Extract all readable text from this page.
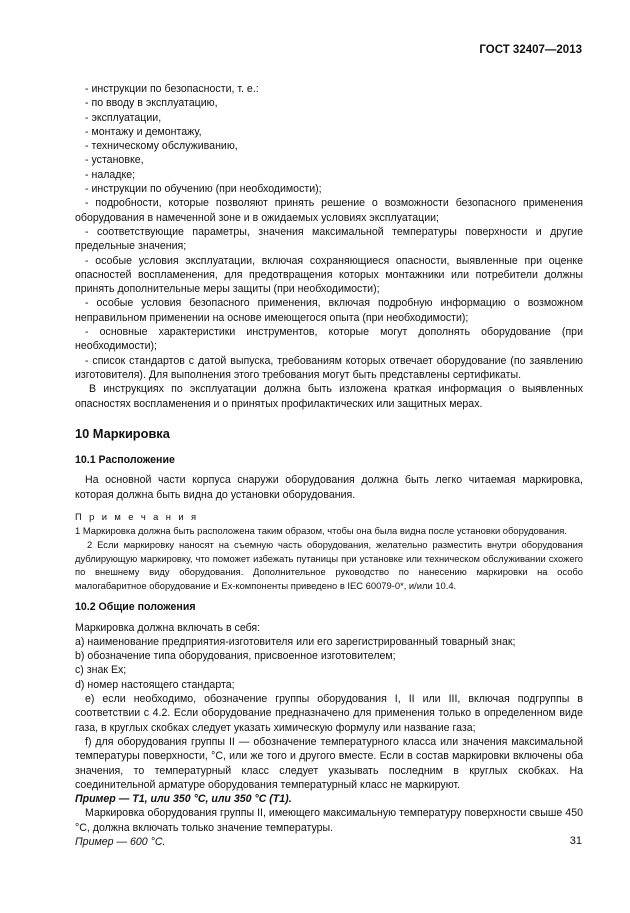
ГОСТ 32407—2013

- инструкции по безопасности, т. е.:

- по вводу в эксплуатацию,

- эксплуатации,

- монтажу и демонтажу,

- техническому обслуживанию,

- установке,

- наладке;

- инструкции по обучению (при необходимости);

- подробности, которые позволяют принять решение о возможности безопасного применения оборудования в намеченной зоне и в ожидаемых условиях эксплуатации;

- соответствующие параметры, значения максимальной температуры поверхности и другие предельные значения;

- особые условия эксплуатации, включая сохраняющиеся опасности, выявленные при оценке опасностей воспламенения, для предотвращения которых монтажники или потребители должны принять дополнительные меры защиты (при необходимости);

- особые условия безопасного применения, включая подробную информацию о возможном неправильном применении на основе имеющегося опыта (при необходимости);

- основные характеристики инструментов, которые могут дополнять оборудование (при необходимости);

- список стандартов с датой выпуска, требованиям которых отвечает оборудование (по заявлению изготовителя). Для выполнения этого требования могут быть представлены сертификаты.

В инструкциях по эксплуатации должна быть изложена краткая информация о выявленных опасностях воспламенения и о принятых профилактических или защитных мерах.

10 Маркировка

10.1 Расположение

На основной части корпуса снаружи оборудования должна быть легко читаемая маркировка, которая должна быть видна до установки оборудования.

П р и м е ч а н и я

1 Маркировка должна быть расположена таким образом, чтобы она была видна после установки оборудования.

2 Если маркировку наносят на съемную часть оборудования, желательно разместить внутри оборудования дублирующую маркировку, что поможет избежать путаницы при установке или техническом обслуживании схожего по внешнему виду оборудования. Дополнительное руководство по нанесению маркировки на особо малогабаритное оборудование и Ex-компоненты приведено в IEC 60079-0*, и/или 10.4.

10.2 Общие положения

Маркировка должна включать в себя:

а) наименование предприятия-изготовителя или его зарегистрированный товарный знак;

b) обозначение типа оборудования, присвоенное изготовителем;

c) знак Ex;

d) номер настоящего стандарта;

e) если необходимо, обозначение группы оборудования I, II или III, включая подгруппы в соответствии с 4.2. Если оборудование предназначено для применения только в определенном виде газа, в круглых скобках следует указать химическую формулу или название газа;

f) для оборудования группы II — обозначение температурного класса или значения максимальной температуры поверхности, °C, или же того и другого вместе. Если в состав маркировки включены оба значения, то температурный класс следует указывать последним в круглых скобках. На соединительной арматуре оборудования температурный класс не маркируют.

Пример — T1, или 350 °C, или 350 °C (T1).

Маркировка оборудования группы II, имеющего максимальную температуру поверхности свыше 450 °C, должна включать только значение температуры.

Пример — 600 °C.	31
